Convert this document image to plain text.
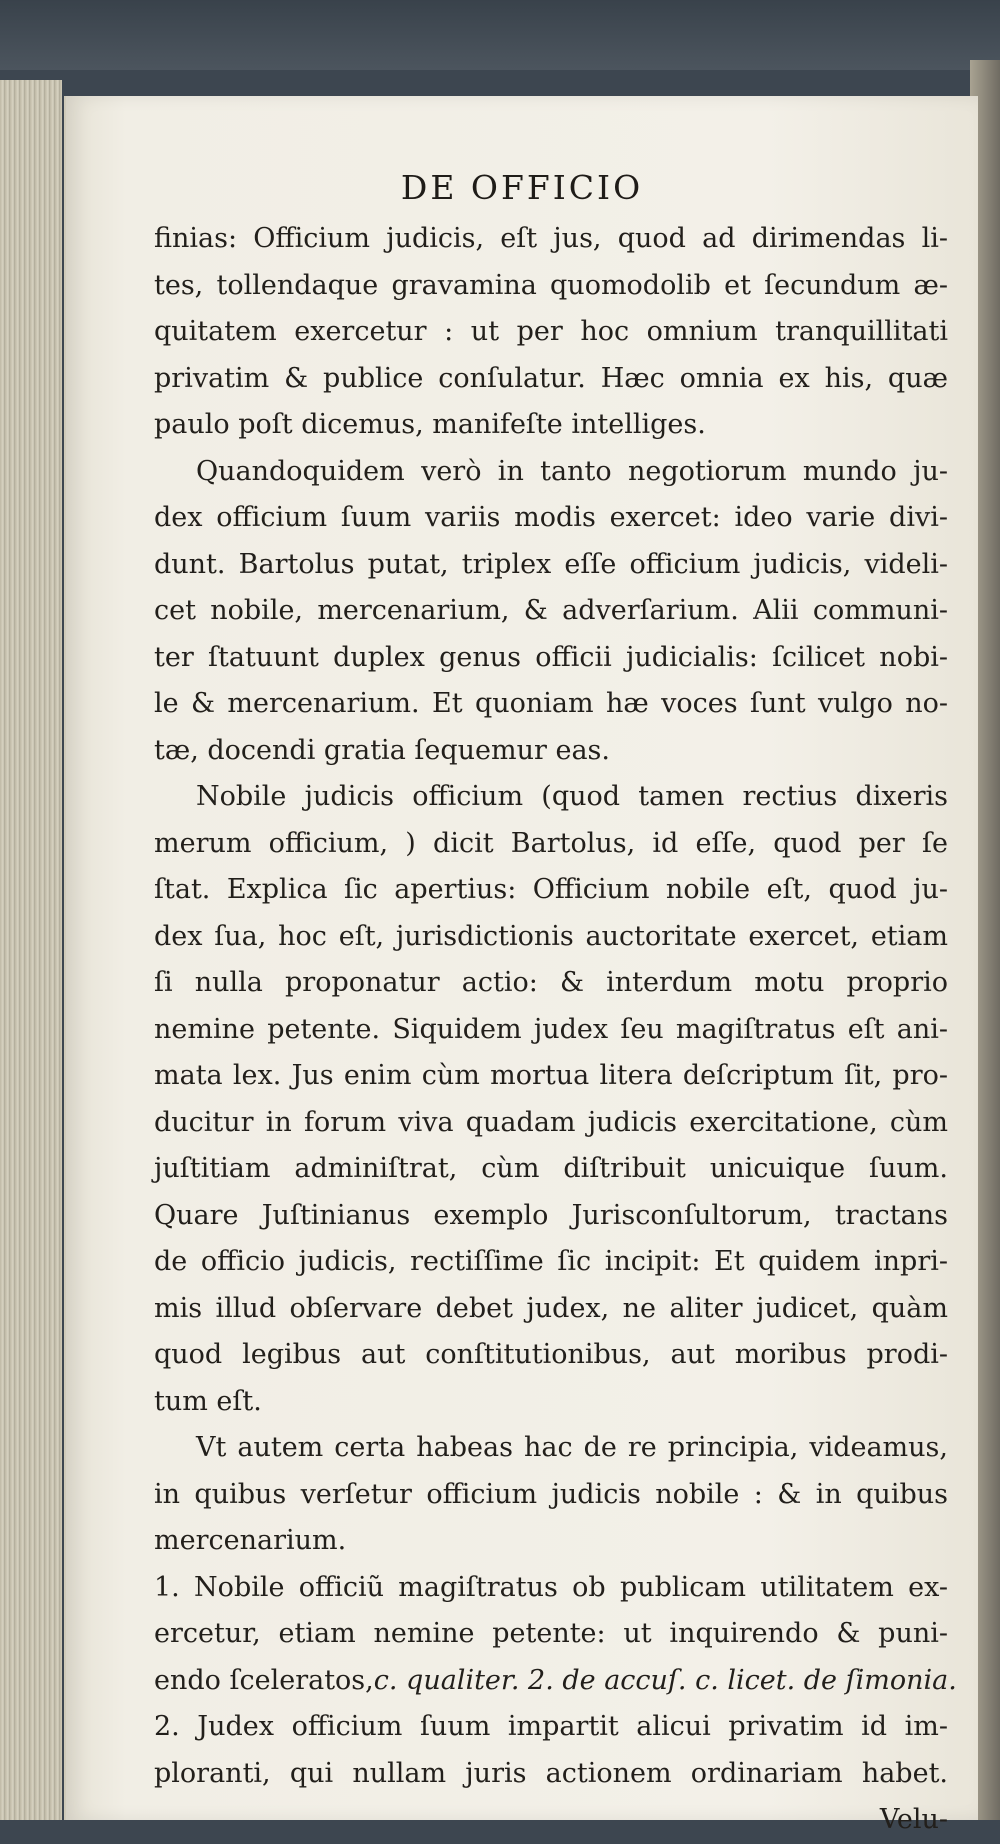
DE OFFICIO
finias: Officium judicis, eſt jus, quod ad dirimendas li-
tes, tollendaque gravamina quomodolib et ſecundum æ-
quitatem exercetur : ut per hoc omnium tranquillitati
privatim & publice conſulatur. Hæc omnia ex his, quæ
paulo poſt dicemus, manifeſte intelliges.
Quandoquidem verò in tanto negotiorum mundo ju-
dex officium ſuum variis modis exercet: ideo varie divi-
dunt. Bartolus putat, triplex eſſe officium judicis, videli-
cet nobile, mercenarium, & adverſarium. Alii communi-
ter ſtatuunt duplex genus officii judicialis: ſcilicet nobi-
le & mercenarium. Et quoniam hæ voces ſunt vulgo no-
tæ, docendi gratia ſequemur eas.
Nobile judicis officium (quod tamen rectius dixeris
merum officium, ) dicit Bartolus, id eſſe, quod per ſe
ſtat. Explica ſic apertius: Officium nobile eſt, quod ju-
dex ſua, hoc eſt, jurisdictionis auctoritate exercet, etiam
ſi nulla proponatur actio: & interdum motu proprio
nemine petente. Siquidem judex ſeu magiſtratus eſt ani-
mata lex. Jus enim cùm mortua litera deſcriptum ſit, pro-
ducitur in forum viva quadam judicis exercitatione, cùm
juſtitiam adminiſtrat, cùm diſtribuit unicuique ſuum.
Quare Juſtinianus exemplo Jurisconſultorum, tractans
de officio judicis, rectiſſime ſic incipit: Et quidem inpri-
mis illud obſervare debet judex, ne aliter judicet, quàm
quod legibus aut conſtitutionibus, aut moribus prodi-
tum eſt.
Vt autem certa habeas hac de re principia, videamus,
in quibus verſetur officium judicis nobile : & in quibus
mercenarium.
1. Nobile officiũ magiſtratus ob publicam utilitatem ex-
ercetur, etiam nemine petente: ut inquirendo & puni-
endo ſceleratos, c. qualiter. 2. de accuſ. c. licet. de ſimonia.
2. Judex officium ſuum impartit alicui privatim id im-
ploranti, qui nullam juris actionem ordinariam habet.
Velu-
